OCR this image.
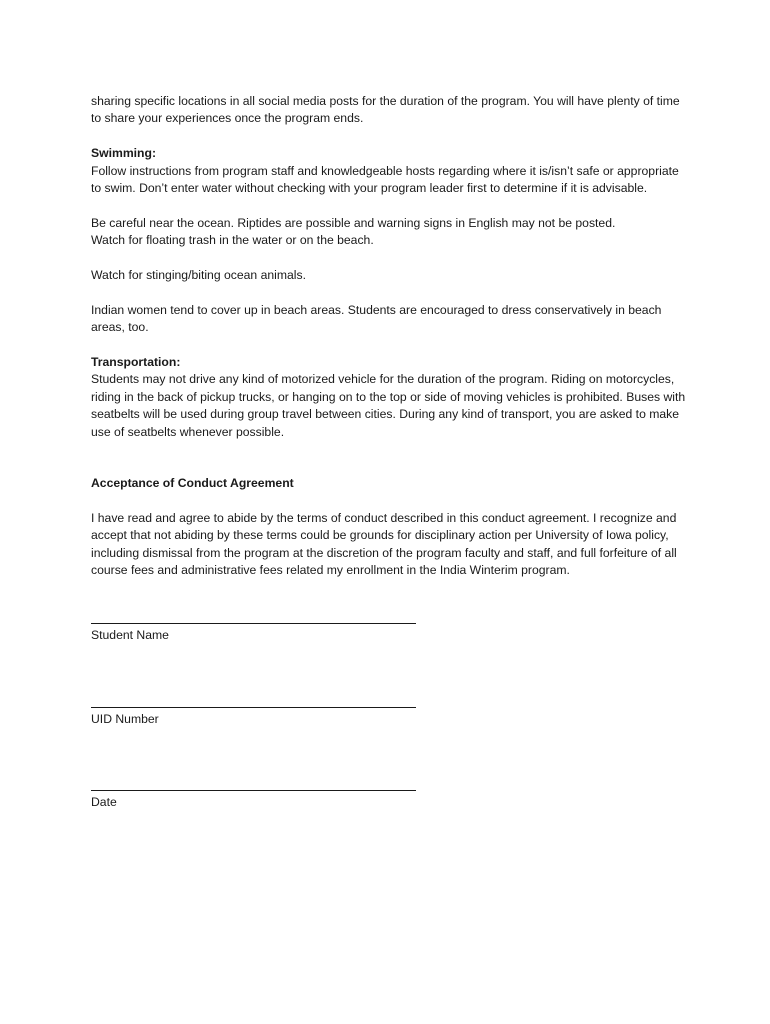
sharing specific locations in all social media posts for the duration of the program. You will have plenty of time to share your experiences once the program ends.

Swimming:

Follow instructions from program staff and knowledgeable hosts regarding where it is/isn’t safe or appropriate to swim. Don’t enter water without checking with your program leader first to determine if it is advisable.

Be careful near the ocean. Riptides are possible and warning signs in English may not be posted.

Watch for floating trash in the water or on the beach.

Watch for stinging/biting ocean animals.

Indian women tend to cover up in beach areas. Students are encouraged to dress conservatively in beach areas, too.

Transportation:

Students may not drive any kind of motorized vehicle for the duration of the program. Riding on motorcycles, riding in the back of pickup trucks, or hanging on to the top or side of moving vehicles is prohibited. Buses with seatbelts will be used during group travel between cities. During any kind of transport, you are asked to make use of seatbelts whenever possible.

Acceptance of Conduct Agreement

I have read and agree to abide by the terms of conduct described in this conduct agreement. I recognize and accept that not abiding by these terms could be grounds for disciplinary action per University of Iowa policy, including dismissal from the program at the discretion of the program faculty and staff, and full forfeiture of all course fees and administrative fees related my enrollment in the India Winterim program.

Student Name
UID Number
Date
